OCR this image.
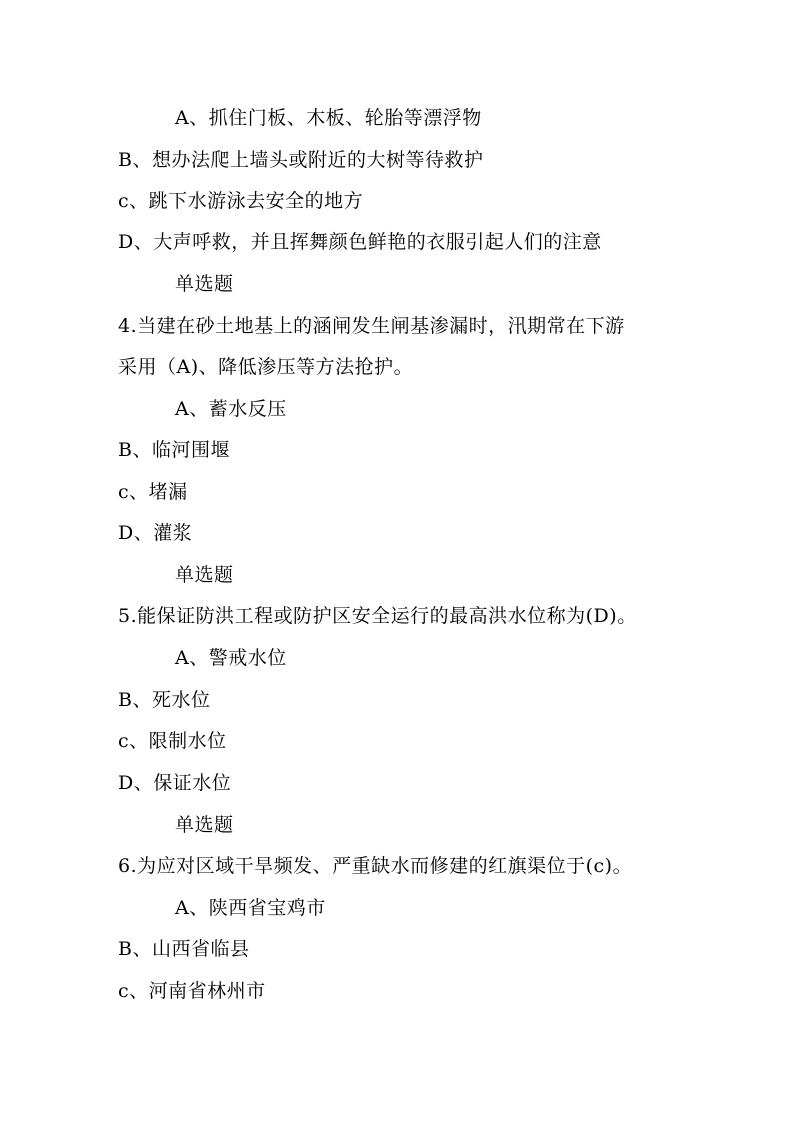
A、抓住门板、木板、轮胎等漂浮物
B、想办法爬上墙头或附近的大树等待救护
c、跳下水游泳去安全的地方
D、大声呼救，并且挥舞颜色鲜艳的衣服引起人们的注意
单选题
4.当建在砂土地基上的涵闸发生闸基渗漏时，汛期常在下游
采用（A)、降低渗压等方法抢护。
A、蓄水反压
B、临河围堰
c、堵漏
D、灌浆
单选题
5.能保证防洪工程或防护区安全运行的最高洪水位称为(D)。
A、警戒水位
B、死水位
c、限制水位
D、保证水位
单选题
6.为应对区域干旱频发、严重缺水而修建的红旗渠位于(c)。
A、陕西省宝鸡市
B、山西省临县
c、河南省林州市
